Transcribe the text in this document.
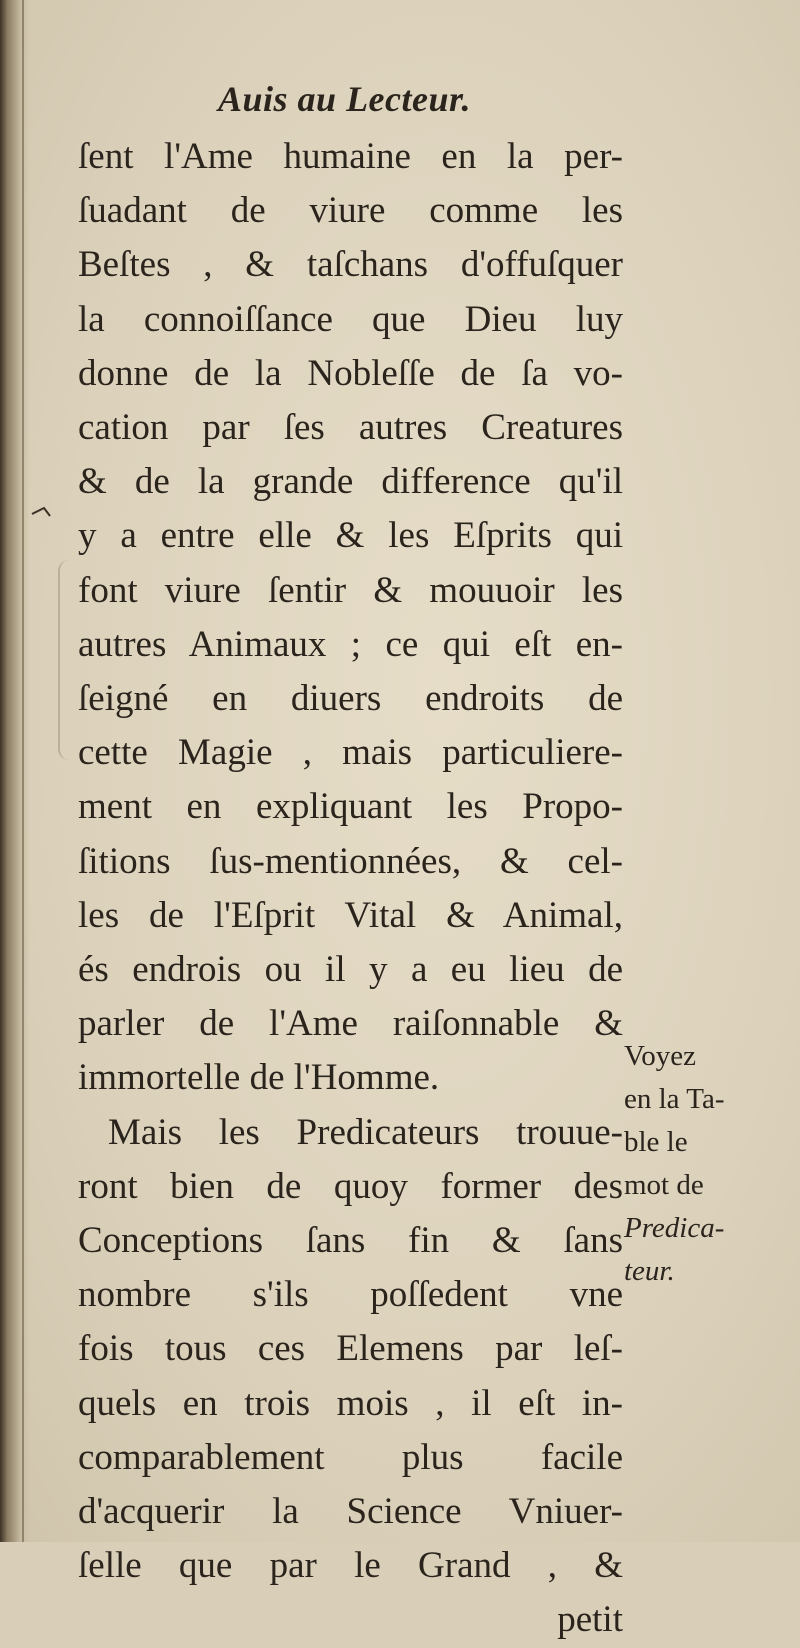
Auis au Lecteur.
ſent l'Ame humaine en la per-
ſuadant de viure comme les
Beſtes , & taſchans d'offuſquer
la connoiſſance que Dieu luy
donne de la Nobleſſe de ſa vo-
cation par ſes autres Creatures
& de la grande difference qu'il
y a entre elle & les Eſprits qui
font viure ſentir & mouuoir les
autres Animaux ; ce qui eſt en-
ſeigné en diuers endroits de
cette Magie , mais particuliere-
ment en expliquant les Propo-
ſitions ſus-mentionnées, & cel-
les de l'Eſprit Vital & Animal,
és endrois ou il y a eu lieu de
parler de l'Ame raiſonnable &
immortelle de l'Homme.
Mais les Predicateurs trouue-
ront bien de quoy former des
Conceptions ſans fin & ſans
nombre s'ils poſſedent vne
fois tous ces Elemens par leſ-
quels en trois mois , il eſt in-
comparablement plus facile
d'acquerir la Science Vniuer-
ſelle que par le Grand , &
petit
Voyez
en la Ta-
ble le
mot de
Predica-
teur.
